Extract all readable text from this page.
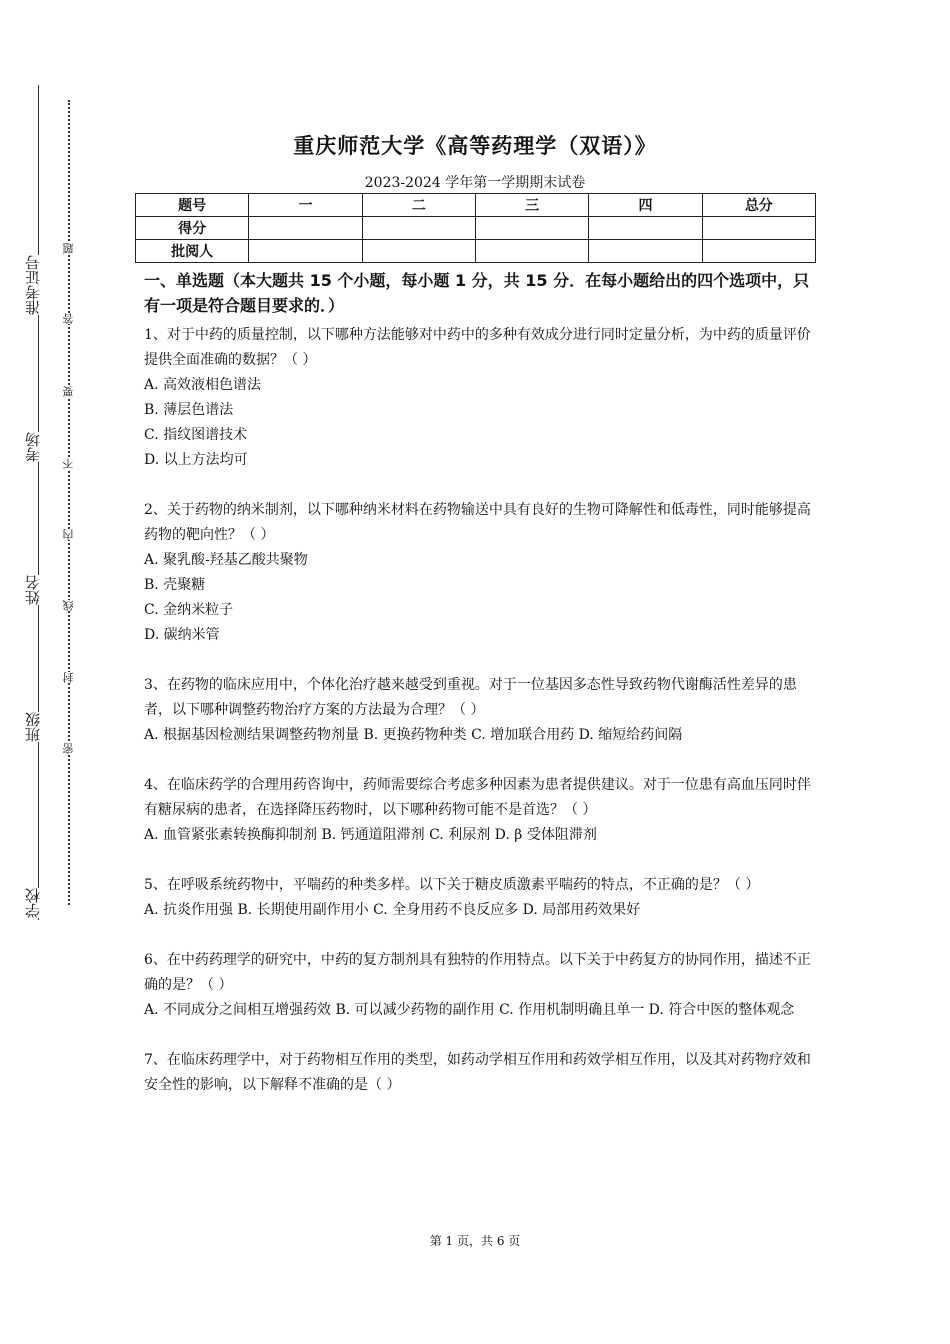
准考证号
考场
姓名
班级
学校
题
答
要
不
内
线
封
密
重庆师范大学《高等药理学（双语）》
2023-2024 学年第一学期期末试卷
题号	一	二	三	四	总分
得分					
批阅人					
一、单选题（本大题共 15 个小题，每小题 1 分，共 15 分．在每小题给出的四个选项中，只有一项是符合题目要求的．）

1、对于中药的质量控制，以下哪种方法能够对中药中的多种有效成分进行同时定量分析，为中药的质量评价提供全面准确的数据？（ ）

A. 高效液相色谱法

B. 薄层色谱法

C. 指纹图谱技术

D. 以上方法均可

2、关于药物的纳米制剂，以下哪种纳米材料在药物输送中具有良好的生物可降解性和低毒性，同时能够提高药物的靶向性？（ ）

A. 聚乳酸-羟基乙酸共聚物

B. 壳聚糖

C. 金纳米粒子

D. 碳纳米管

3、在药物的临床应用中，个体化治疗越来越受到重视。对于一位基因多态性导致药物代谢酶活性差异的患者，以下哪种调整药物治疗方案的方法最为合理？（ ）

A. 根据基因检测结果调整药物剂量 B. 更换药物种类 C. 增加联合用药 D. 缩短给药间隔

4、在临床药学的合理用药咨询中，药师需要综合考虑多种因素为患者提供建议。对于一位患有高血压同时伴有糖尿病的患者，在选择降压药物时，以下哪种药物可能不是首选？（ ）

A. 血管紧张素转换酶抑制剂 B. 钙通道阻滞剂 C. 利尿剂 D. β 受体阻滞剂

5、在呼吸系统药物中，平喘药的种类多样。以下关于糖皮质激素平喘药的特点，不正确的是？（ ）

A. 抗炎作用强 B. 长期使用副作用小 C. 全身用药不良反应多 D. 局部用药效果好

6、在中药药理学的研究中，中药的复方制剂具有独特的作用特点。以下关于中药复方的协同作用，描述不正确的是？（ ）

A. 不同成分之间相互增强药效 B. 可以减少药物的副作用 C. 作用机制明确且单一 D. 符合中医的整体观念

7、在临床药理学中，对于药物相互作用的类型，如药动学相互作用和药效学相互作用，以及其对药物疗效和安全性的影响，以下解释不准确的是（ ）

第 1 页，共 6 页
